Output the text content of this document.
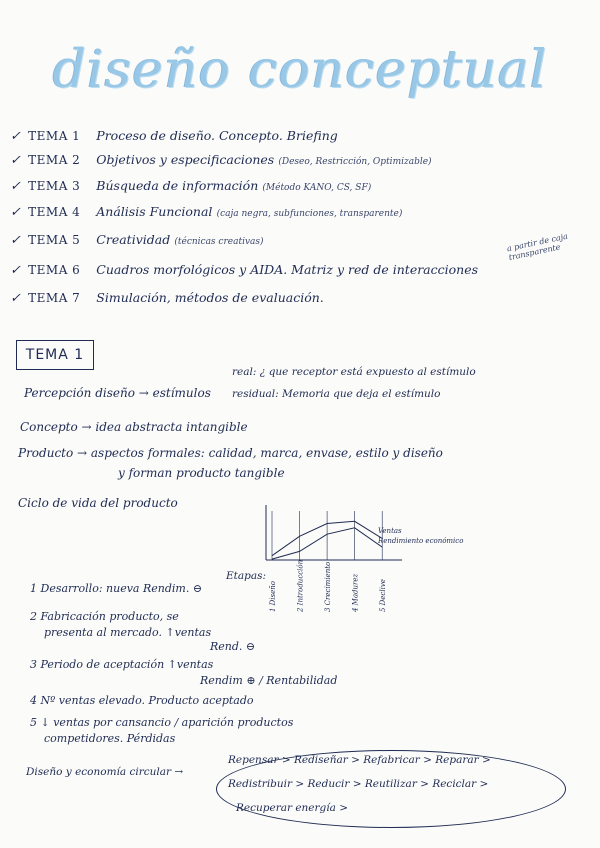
diseño conceptual
✓ TEMA 1 Proceso de diseño. Concepto. Briefing
✓ TEMA 2 Objetivos y especificaciones (Deseo, Restricción, Optimizable)
✓ TEMA 3 Búsqueda de información (Método KANO, CS, SF)
✓ TEMA 4 Análisis Funcional (caja negra, subfunciones, transparente)
✓ TEMA 5 Creatividad (técnicas creativas)
✓ TEMA 6 Cuadros morfológicos y AIDA. Matriz y red de interacciones
✓ TEMA 7 Simulación, métodos de evaluación.
a partir de caja transparente
TEMA 1
Percepción diseño → estímulos
real: ¿ que receptor está expuesto al estímulo
residual: Memoria que deja el estímulo
Concepto → idea abstracta intangible
Producto → aspectos formales: calidad, marca, envase, estilo y diseño
y forman producto tangible
Ciclo de vida del producto
1 Diseño	2 Introducción	3 Crecimiento	4 Madurez	5 Declive
Ventas
Rendimiento económico
Etapas:
1 Desarrollo: nueva Rendim. ⊖
2 Fabricación producto, se
presenta al mercado. ↑ventas
Rend. ⊖
3 Periodo de aceptación ↑ventas
Rendim ⊕ / Rentabilidad
4 Nº ventas elevado. Producto aceptado
5 ↓ ventas por cansancio / aparición productos
competidores. Pérdidas
Diseño y economía circular →
Repensar > Rediseñar > Refabricar > Reparar >
Redistribuir > Reducir > Reutilizar > Reciclar >
Recuperar energía >
